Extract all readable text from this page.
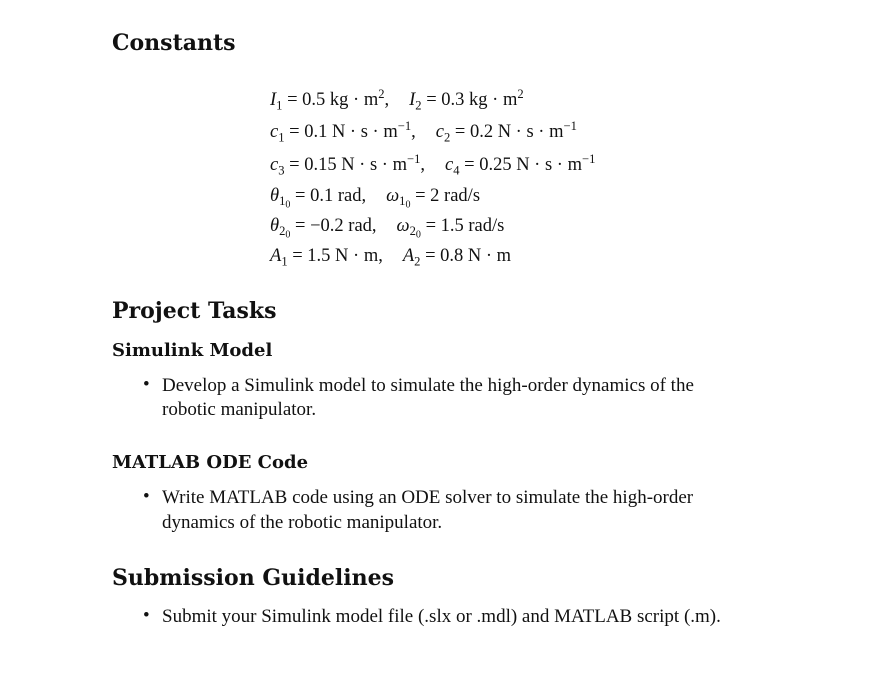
Constants
$I_1 = 0.5$ kg · $m^2$, $I_2 = 0.3$ kg · $m^2$
$c_1 = 0.1$ $N \cdot s \cdot m^{-1}$, $c_2 = 0.2$ $N \cdot s \cdot m^{-1}$
$c_3 = 0.15$ $N \cdot s \cdot m^{-1}$, $c_4 = 0.25$ $N \cdot s \cdot m^{-1}$
$\theta_{1_0} = 0.1$ rad, $\omega_{1_0} = 2$ rad/s
$\theta_{2_0} = -0.2$ rad, $\omega_{2_0} = 1.5$ rad/s
$A_1 = 1.5$ N · m, $A_2 = 0.8$ N · m
Project Tasks
Simulink Model
• Develop a Simulink model to simulate the high-order dynamics of the
robotic manipulator.
MATLAB ODE Code
• Write MATLAB code using an ODE solver to simulate the high-order
dynamics of the robotic manipulator.
Submission Guidelines
• Submit your Simulink model file (.slx or .mdl) and MATLAB script (.m).
